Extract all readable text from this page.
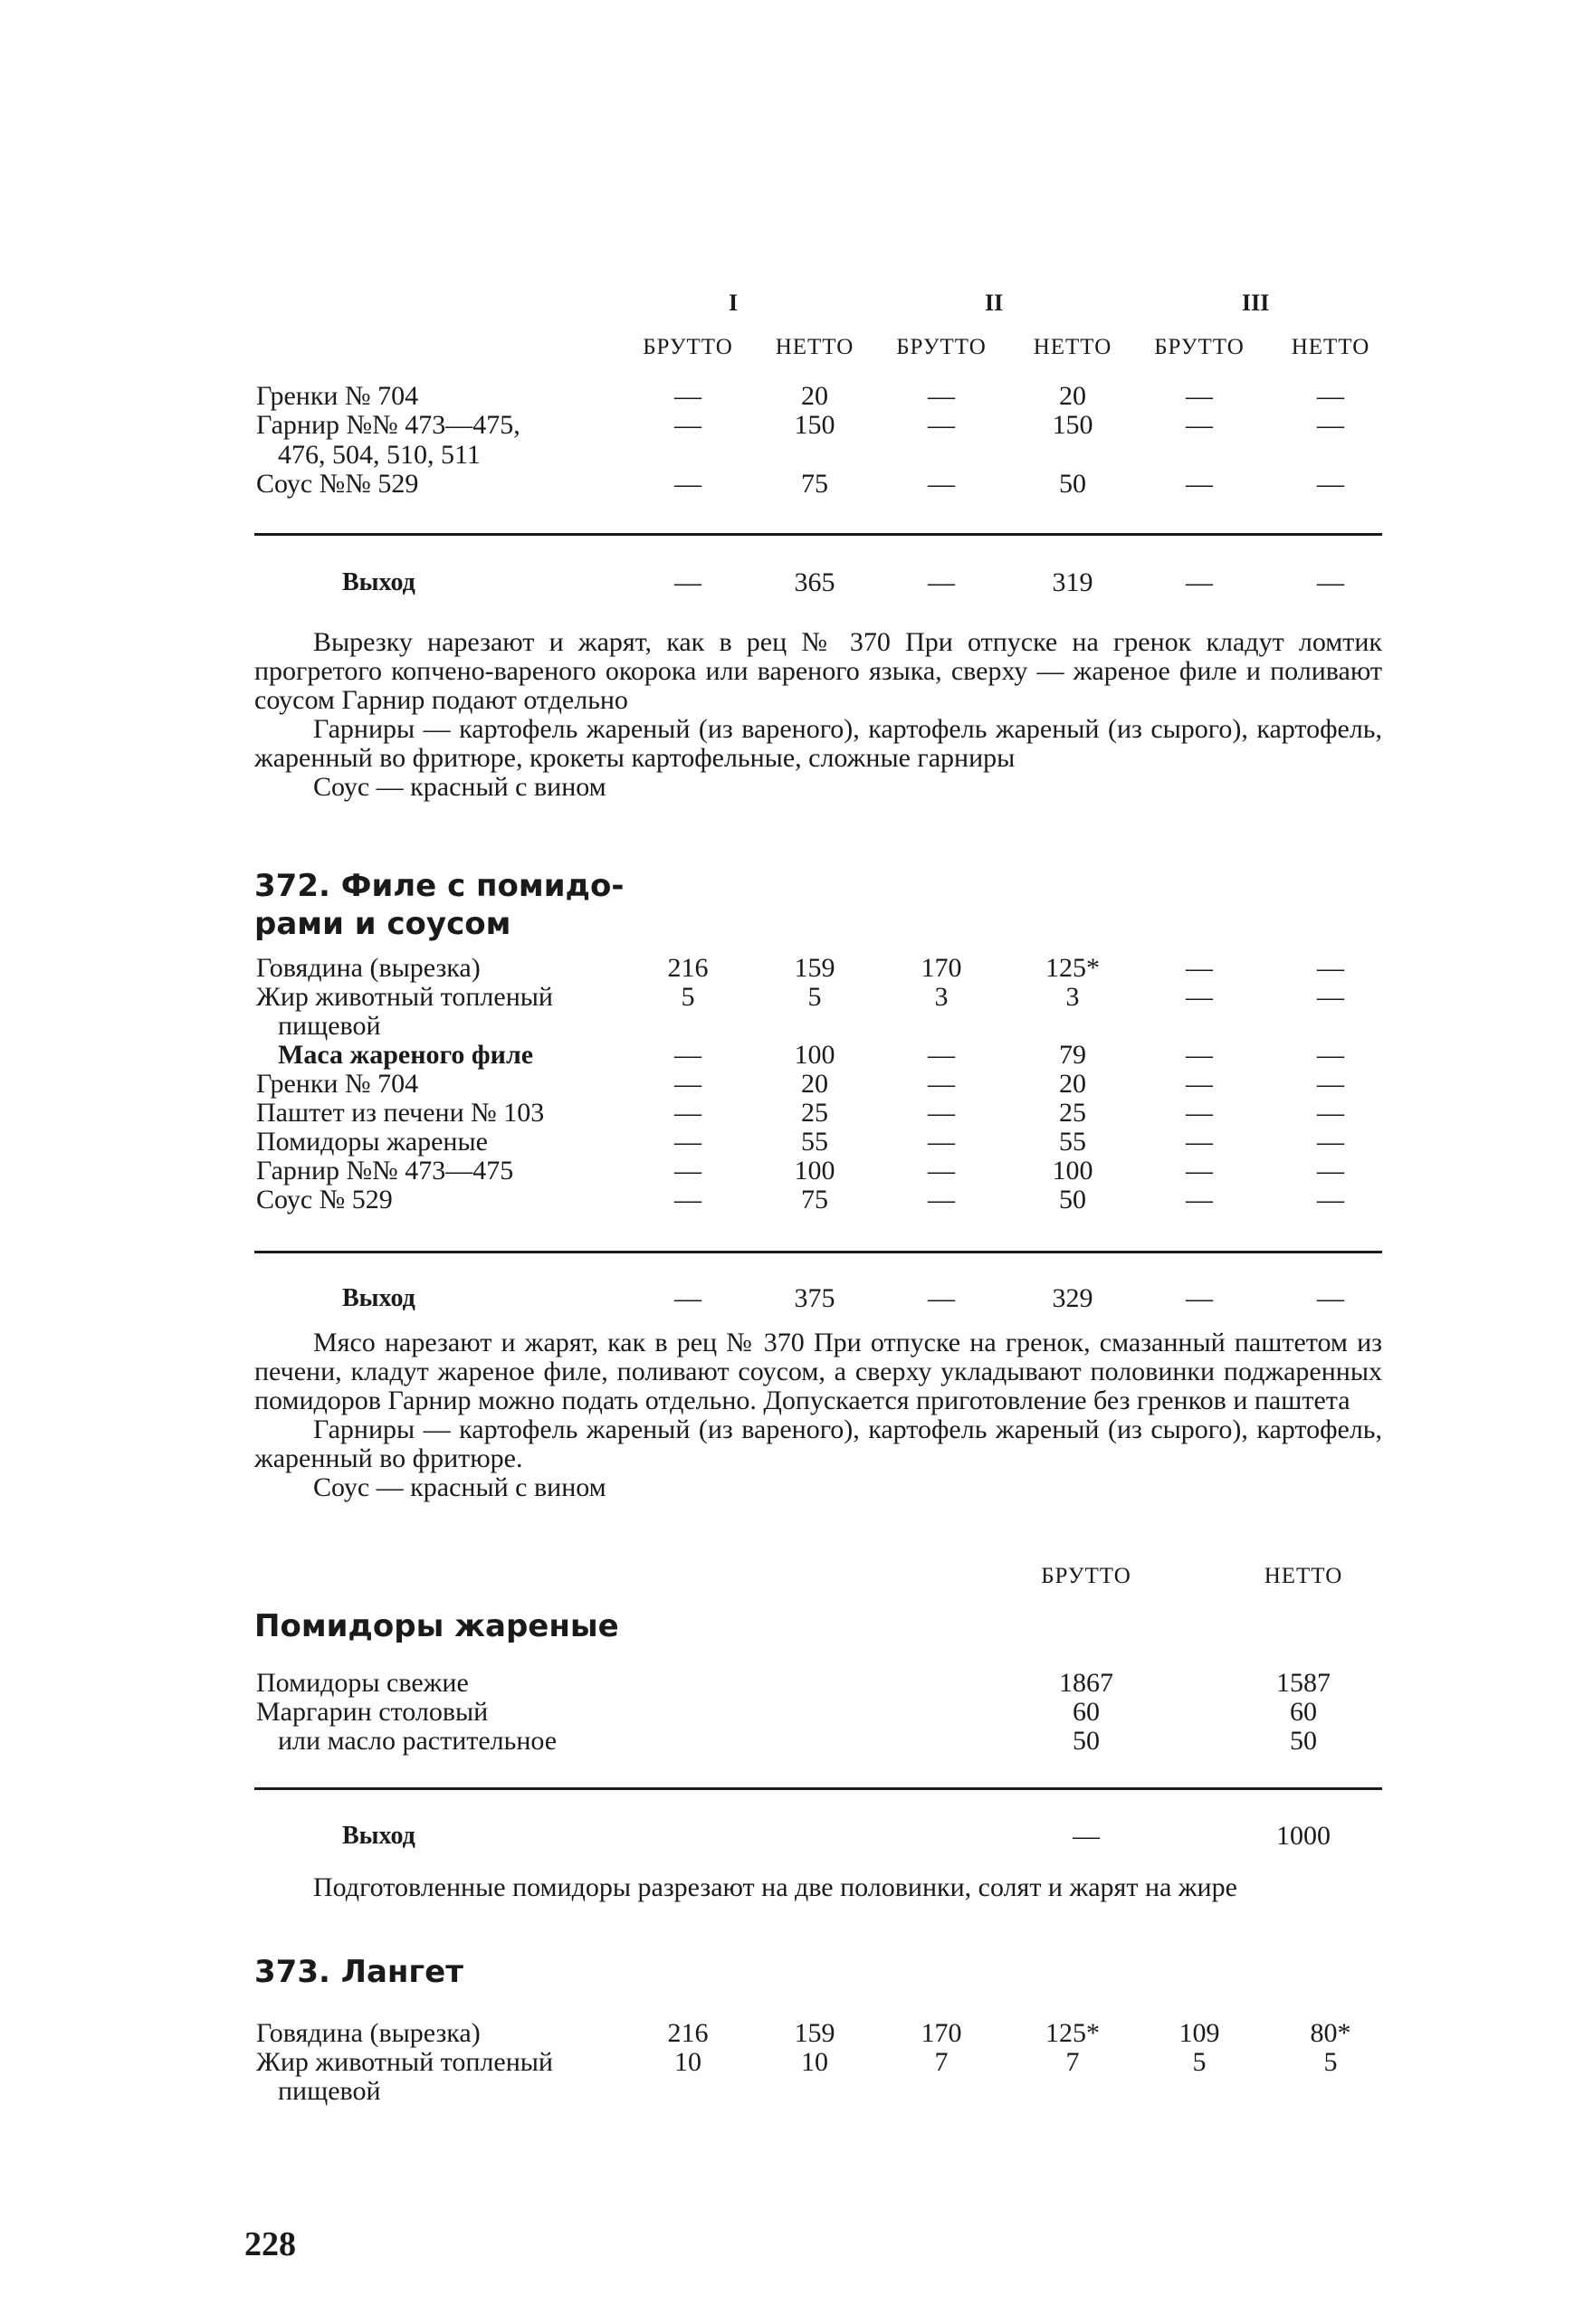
I	II	III
БРУТТО	НЕТТО	БРУТТО	НЕТТО	БРУТТО	НЕТТО
Гренки № 704	—	20	—	20	—	—
Гарнир №№ 473—475,	—	150	—	150	—	—
476, 504, 510, 511
Соус №№ 529	—	75	—	50	—	—
Выход	—	365	—	319	—	—

Вырезку нарезают и жарят, как в рец № 370 При отпуске на гренок кладут ломтик прогретого копчено-вареного окорока или вареного языка, сверху — жареное филе и поливают соусом Гарнир подают отдельно

Гарниры — картофель жареный (из вареного), картофель жареный (из сырого), картофель, жаренный во фритюре, крокеты картофельные, сложные гарниры

Соус — красный с вином

372. Филе с помидо-
рами и соусом
Говядина (вырезка)	216	159	170	125*	—	—
Жир животный топленый	5	5	3	3	—	—
пищевой
Маса жареного филе	—	100	—	79	—	—
Гренки № 704	—	20	—	20	—	—
Паштет из печени № 103	—	25	—	25	—	—
Помидоры жареные	—	55	—	55	—	—
Гарнир №№ 473—475	—	100	—	100	—	—
Соус № 529	—	75	—	50	—	—
Выход	—	375	—	329	—	—

Мясо нарезают и жарят, как в рец № 370 При отпуске на гренок, смазанный паштетом из печени, кладут жареное филе, поливают соусом, а сверху укладывают половинки поджаренных помидоров Гарнир можно подать отдельно. Допускается приготовление без гренков и паштета

Гарниры — картофель жареный (из вареного), картофель жареный (из сырого), картофель, жаренный во фритюре.

Соус — красный с вином

БРУТТО	НЕТТО
Помидоры жареные
Помидоры свежие	1867	1587
Маргарин столовый	60	60
или масло растительное	50	50
Выход	—	1000

Подготовленные помидоры разрезают на две половинки, солят и жарят на жире

373. Лангет
Говядина (вырезка)	216	159	170	125*	109	80*
Жир животный топленый	10	10	7	7	5	5
пищевой
228
